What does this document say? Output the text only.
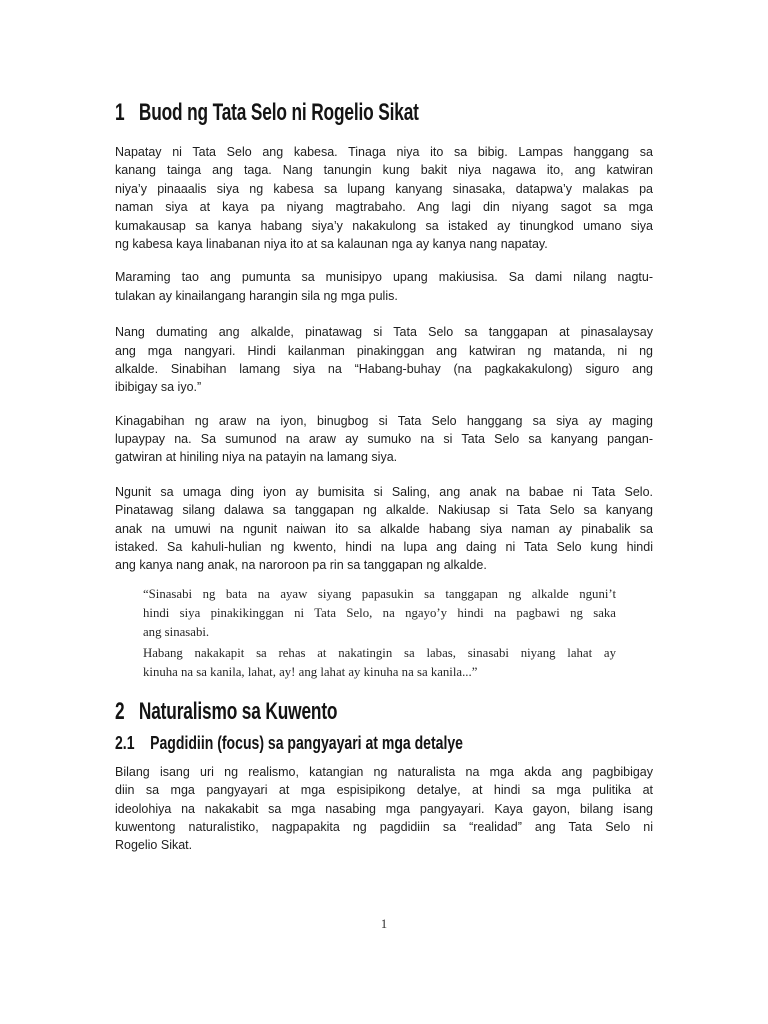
1 Buod ng Tata Selo ni Rogelio Sikat
Napatay ni Tata Selo ang kabesa. Tinaga niya ito sa bibig. Lampas hanggang sa
kanang tainga ang taga. Nang tanungin kung bakit niya nagawa ito, ang katwiran
niya’y pinaaalis siya ng kabesa sa lupang kanyang sinasaka, datapwa’y malakas pa
naman siya at kaya pa niyang magtrabaho. Ang lagi din niyang sagot sa mga
kumakausap sa kanya habang siya’y nakakulong sa istaked ay tinungkod umano siya
ng kabesa kaya linabanan niya ito at sa kalaunan nga ay kanya nang napatay.
Maraming tao ang pumunta sa munisipyo upang makiusisa. Sa dami nilang nagtu-
tulakan ay kinailangang harangin sila ng mga pulis.
Nang dumating ang alkalde, pinatawag si Tata Selo sa tanggapan at pinasalaysay
ang mga nangyari. Hindi kailanman pinakinggan ang katwiran ng matanda, ni ng
alkalde. Sinabihan lamang siya na “Habang-buhay (na pagkakakulong) siguro ang
ibibigay sa iyo.”
Kinagabihan ng araw na iyon, binugbog si Tata Selo hanggang sa siya ay maging
lupaypay na. Sa sumunod na araw ay sumuko na si Tata Selo sa kanyang pangan-
gatwiran at hiniling niya na patayin na lamang siya.
Ngunit sa umaga ding iyon ay bumisita si Saling, ang anak na babae ni Tata Selo.
Pinatawag silang dalawa sa tanggapan ng alkalde. Nakiusap si Tata Selo sa kanyang
anak na umuwi na ngunit naiwan ito sa alkalde habang siya naman ay pinabalik sa
istaked. Sa kahuli-hulian ng kwento, hindi na lupa ang daing ni Tata Selo kung hindi
ang kanya nang anak, na naroroon pa rin sa tanggapan ng alkalde.
“Sinasabi ng bata na ayaw siyang papasukin sa tanggapan ng alkalde nguni’t
hindi siya pinakikinggan ni Tata Selo, na ngayo’y hindi na pagbawi ng saka
ang sinasabi.
Habang nakakapit sa rehas at nakatingin sa labas, sinasabi niyang lahat ay
kinuha na sa kanila, lahat, ay! ang lahat ay kinuha na sa kanila...”
2 Naturalismo sa Kuwento
2.1 Pagdidiin (focus) sa pangyayari at mga detalye
Bilang isang uri ng realismo, katangian ng naturalista na mga akda ang pagbibigay
diin sa mga pangyayari at mga espisipikong detalye, at hindi sa mga pulitika at
ideolohiya na nakakabit sa mga nasabing mga pangyayari. Kaya gayon, bilang isang
kuwentong naturalistiko, nagpapakita ng pagdidiin sa “realidad” ang Tata Selo ni
Rogelio Sikat.
1
